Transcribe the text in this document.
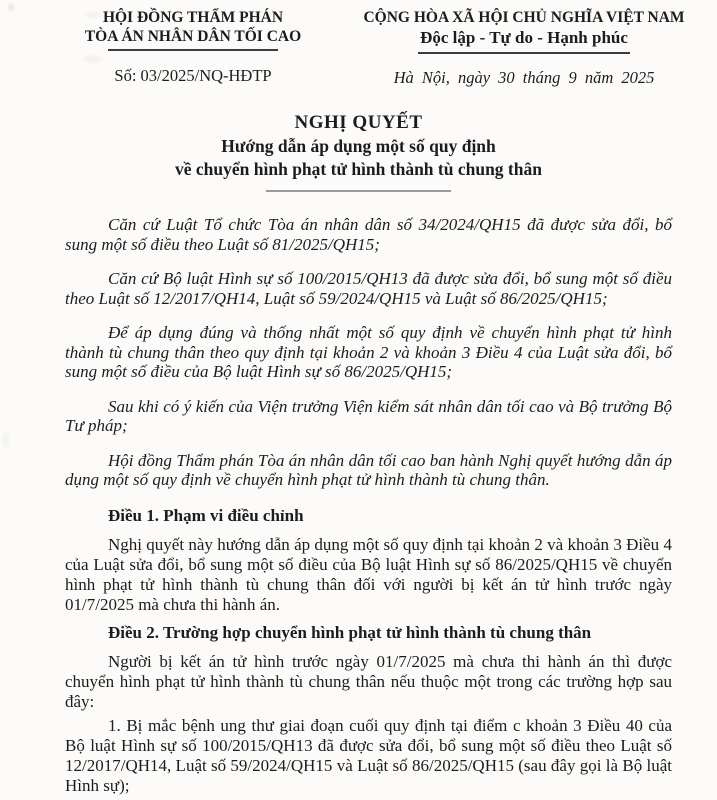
HỘI ĐỒNG THẨM PHÁN
TÒA ÁN NHÂN DÂN TỐI CAO
Số: 03/2025/NQ-HĐTP
CỘNG HÒA XÃ HỘI CHỦ NGHĨA VIỆT NAM
Độc lập - Tự do - Hạnh phúc
Hà Nội, ngày 30 tháng 9 năm 2025
NGHỊ QUYẾT
Hướng dẫn áp dụng một số quy định
về chuyển hình phạt tử hình thành tù chung thân

Căn cứ Luật Tổ chức Tòa án nhân dân số 34/2024/QH15 đã được sửa đổi, bổ sung một số điều theo Luật số 81/2025/QH15;

Căn cứ Bộ luật Hình sự số 100/2015/QH13 đã được sửa đổi, bổ sung một số điều theo Luật số 12/2017/QH14, Luật số 59/2024/QH15 và Luật số 86/2025/QH15;

Để áp dụng đúng và thống nhất một số quy định về chuyển hình phạt tử hình thành tù chung thân theo quy định tại khoản 2 và khoản 3 Điều 4 của Luật sửa đổi, bổ sung một số điều của Bộ luật Hình sự số 86/2025/QH15;

Sau khi có ý kiến của Viện trưởng Viện kiểm sát nhân dân tối cao và Bộ trưởng Bộ Tư pháp;

Hội đồng Thẩm phán Tòa án nhân dân tối cao ban hành Nghị quyết hướng dẫn áp dụng một số quy định về chuyển hình phạt tử hình thành tù chung thân.

Điều 1. Phạm vi điều chỉnh

Nghị quyết này hướng dẫn áp dụng một số quy định tại khoản 2 và khoản 3 Điều 4 của Luật sửa đổi, bổ sung một số điều của Bộ luật Hình sự số 86/2025/QH15 về chuyển hình phạt tử hình thành tù chung thân đối với người bị kết án tử hình trước ngày 01/7/2025 mà chưa thi hành án.

Điều 2. Trường hợp chuyển hình phạt tử hình thành tù chung thân

Người bị kết án tử hình trước ngày 01/7/2025 mà chưa thi hành án thì được chuyển hình phạt tử hình thành tù chung thân nếu thuộc một trong các trường hợp sau đây:

1. Bị mắc bệnh ung thư giai đoạn cuối quy định tại điểm c khoản 3 Điều 40 của Bộ luật Hình sự số 100/2015/QH13 đã được sửa đổi, bổ sung một số điều theo Luật số 12/2017/QH14, Luật số 59/2024/QH15 và Luật số 86/2025/QH15 (sau đây gọi là Bộ luật Hình sự);
